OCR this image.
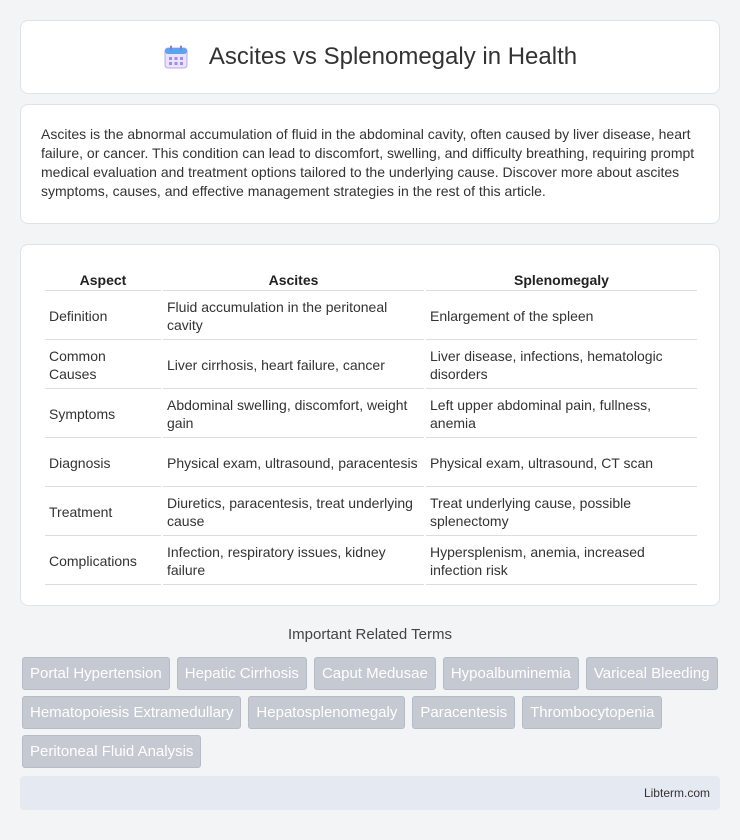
Ascites vs Splenomegaly in Health

Ascites is the abnormal accumulation of fluid in the abdominal cavity, often caused by liver disease, heart failure, or cancer. This condition can lead to discomfort, swelling, and difficulty breathing, requiring prompt medical evaluation and treatment options tailored to the underlying cause. Discover more about ascites symptoms, causes, and effective management strategies in the rest of this article.

Aspect	Ascites	Splenomegaly
Definition	Fluid accumulation in the peritoneal cavity	Enlargement of the spleen
Common Causes	Liver cirrhosis, heart failure, cancer	Liver disease, infections, hematologic disorders
Symptoms	Abdominal swelling, discomfort, weight gain	Left upper abdominal pain, fullness, anemia
Diagnosis	Physical exam, ultrasound, paracentesis	Physical exam, ultrasound, CT scan
Treatment	Diuretics, paracentesis, treat underlying cause	Treat underlying cause, possible splenectomy
Complications	Infection, respiratory issues, kidney failure	Hypersplenism, anemia, increased infection risk
Important Related Terms
Portal Hypertension	Hepatic Cirrhosis	Caput Medusae	Hypoalbuminemia	Variceal Bleeding
Hematopoiesis Extramedullary	Hepatosplenomegaly	Paracentesis	Thrombocytopenia
Peritoneal Fluid Analysis
Libterm.com
